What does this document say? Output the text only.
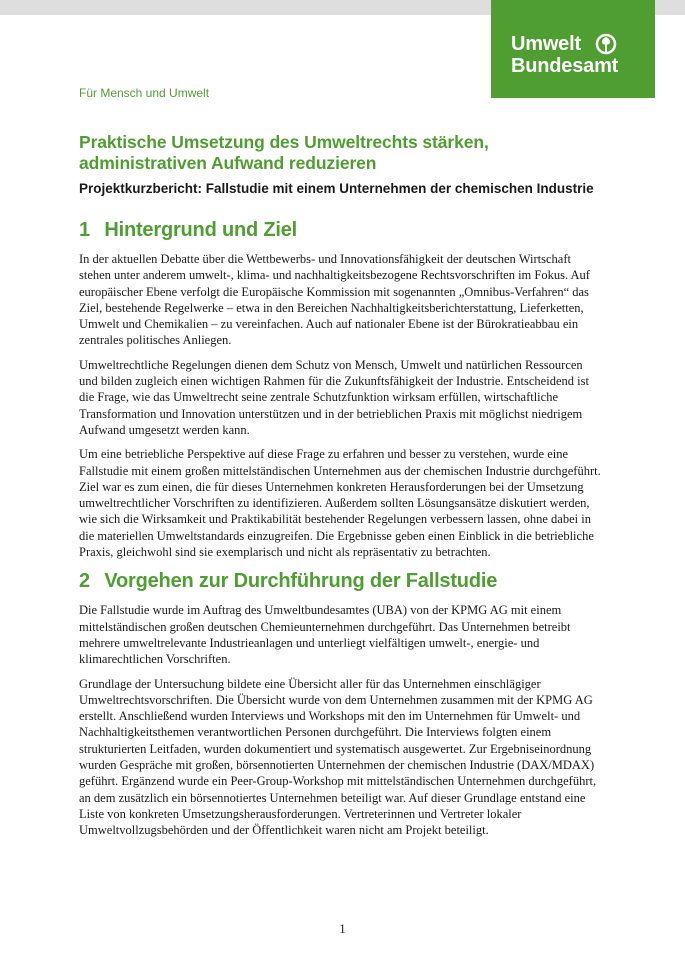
Umwelt
Bundesamt
Für Mensch und Umwelt
Praktische Umsetzung des Umweltrechts stärken, administrativen Aufwand reduzieren
Projektkurzbericht: Fallstudie mit einem Unternehmen der chemischen Industrie
1 Hintergrund und Ziel

In der aktuellen Debatte über die Wettbewerbs- und Innovationsfähigkeit der deutschen Wirtschaft stehen unter anderem umwelt-, klima- und nachhaltigkeitsbezogene Rechtsvorschriften im Fokus. Auf europäischer Ebene verfolgt die Europäische Kommission mit sogenannten „Omnibus-Verfahren“ das Ziel, bestehende Regelwerke – etwa in den Bereichen Nachhaltigkeitsberichterstattung, Lieferketten, Umwelt und Chemikalien – zu vereinfachen. Auch auf nationaler Ebene ist der Bürokratieabbau ein zentrales politisches Anliegen.

Umweltrechtliche Regelungen dienen dem Schutz von Mensch, Umwelt und natürlichen Ressourcen und bilden zugleich einen wichtigen Rahmen für die Zukunftsfähigkeit der Industrie. Entscheidend ist die Frage, wie das Umweltrecht seine zentrale Schutzfunktion wirksam erfüllen, wirtschaftliche Transformation und Innovation unterstützen und in der betrieblichen Praxis mit möglichst niedrigem Aufwand umgesetzt werden kann.

Um eine betriebliche Perspektive auf diese Frage zu erfahren und besser zu verstehen, wurde eine Fallstudie mit einem großen mittelständischen Unternehmen aus der chemischen Industrie durchgeführt. Ziel war es zum einen, die für dieses Unternehmen konkreten Herausforderungen bei der Umsetzung umweltrechtlicher Vorschriften zu identifizieren. Außerdem sollten Lösungsansätze diskutiert werden, wie sich die Wirksamkeit und Praktikabilität bestehender Regelungen verbessern lassen, ohne dabei in die materiellen Umweltstandards einzugreifen. Die Ergebnisse geben einen Einblick in die betriebliche Praxis, gleichwohl sind sie exemplarisch und nicht als repräsentativ zu betrachten.

2 Vorgehen zur Durchführung der Fallstudie

Die Fallstudie wurde im Auftrag des Umweltbundesamtes (UBA) von der KPMG AG mit einem mittelständischen großen deutschen Chemieunternehmen durchgeführt. Das Unternehmen betreibt mehrere umweltrelevante Industrieanlagen und unterliegt vielfältigen umwelt-, energie- und klimarechtlichen Vorschriften.

Grundlage der Untersuchung bildete eine Übersicht aller für das Unternehmen einschlägiger Umweltrechtsvorschriften. Die Übersicht wurde von dem Unternehmen zusammen mit der KPMG AG erstellt. Anschließend wurden Interviews und Workshops mit den im Unternehmen für Umwelt- und Nachhaltigkeitsthemen verantwortlichen Personen durchgeführt. Die Interviews folgten einem strukturierten Leitfaden, wurden dokumentiert und systematisch ausgewertet. Zur Ergebniseinordnung wurden Gespräche mit großen, börsennotierten Unternehmen der chemischen Industrie (DAX/MDAX) geführt. Ergänzend wurde ein Peer-Group-Workshop mit mittelständischen Unternehmen durchgeführt, an dem zusätzlich ein börsennotiertes Unternehmen beteiligt war. Auf dieser Grundlage entstand eine Liste von konkreten Umsetzungsherausforderungen. Vertreterinnen und Vertreter lokaler Umweltvollzugsbehörden und der Öffentlichkeit waren nicht am Projekt beteiligt.

1
